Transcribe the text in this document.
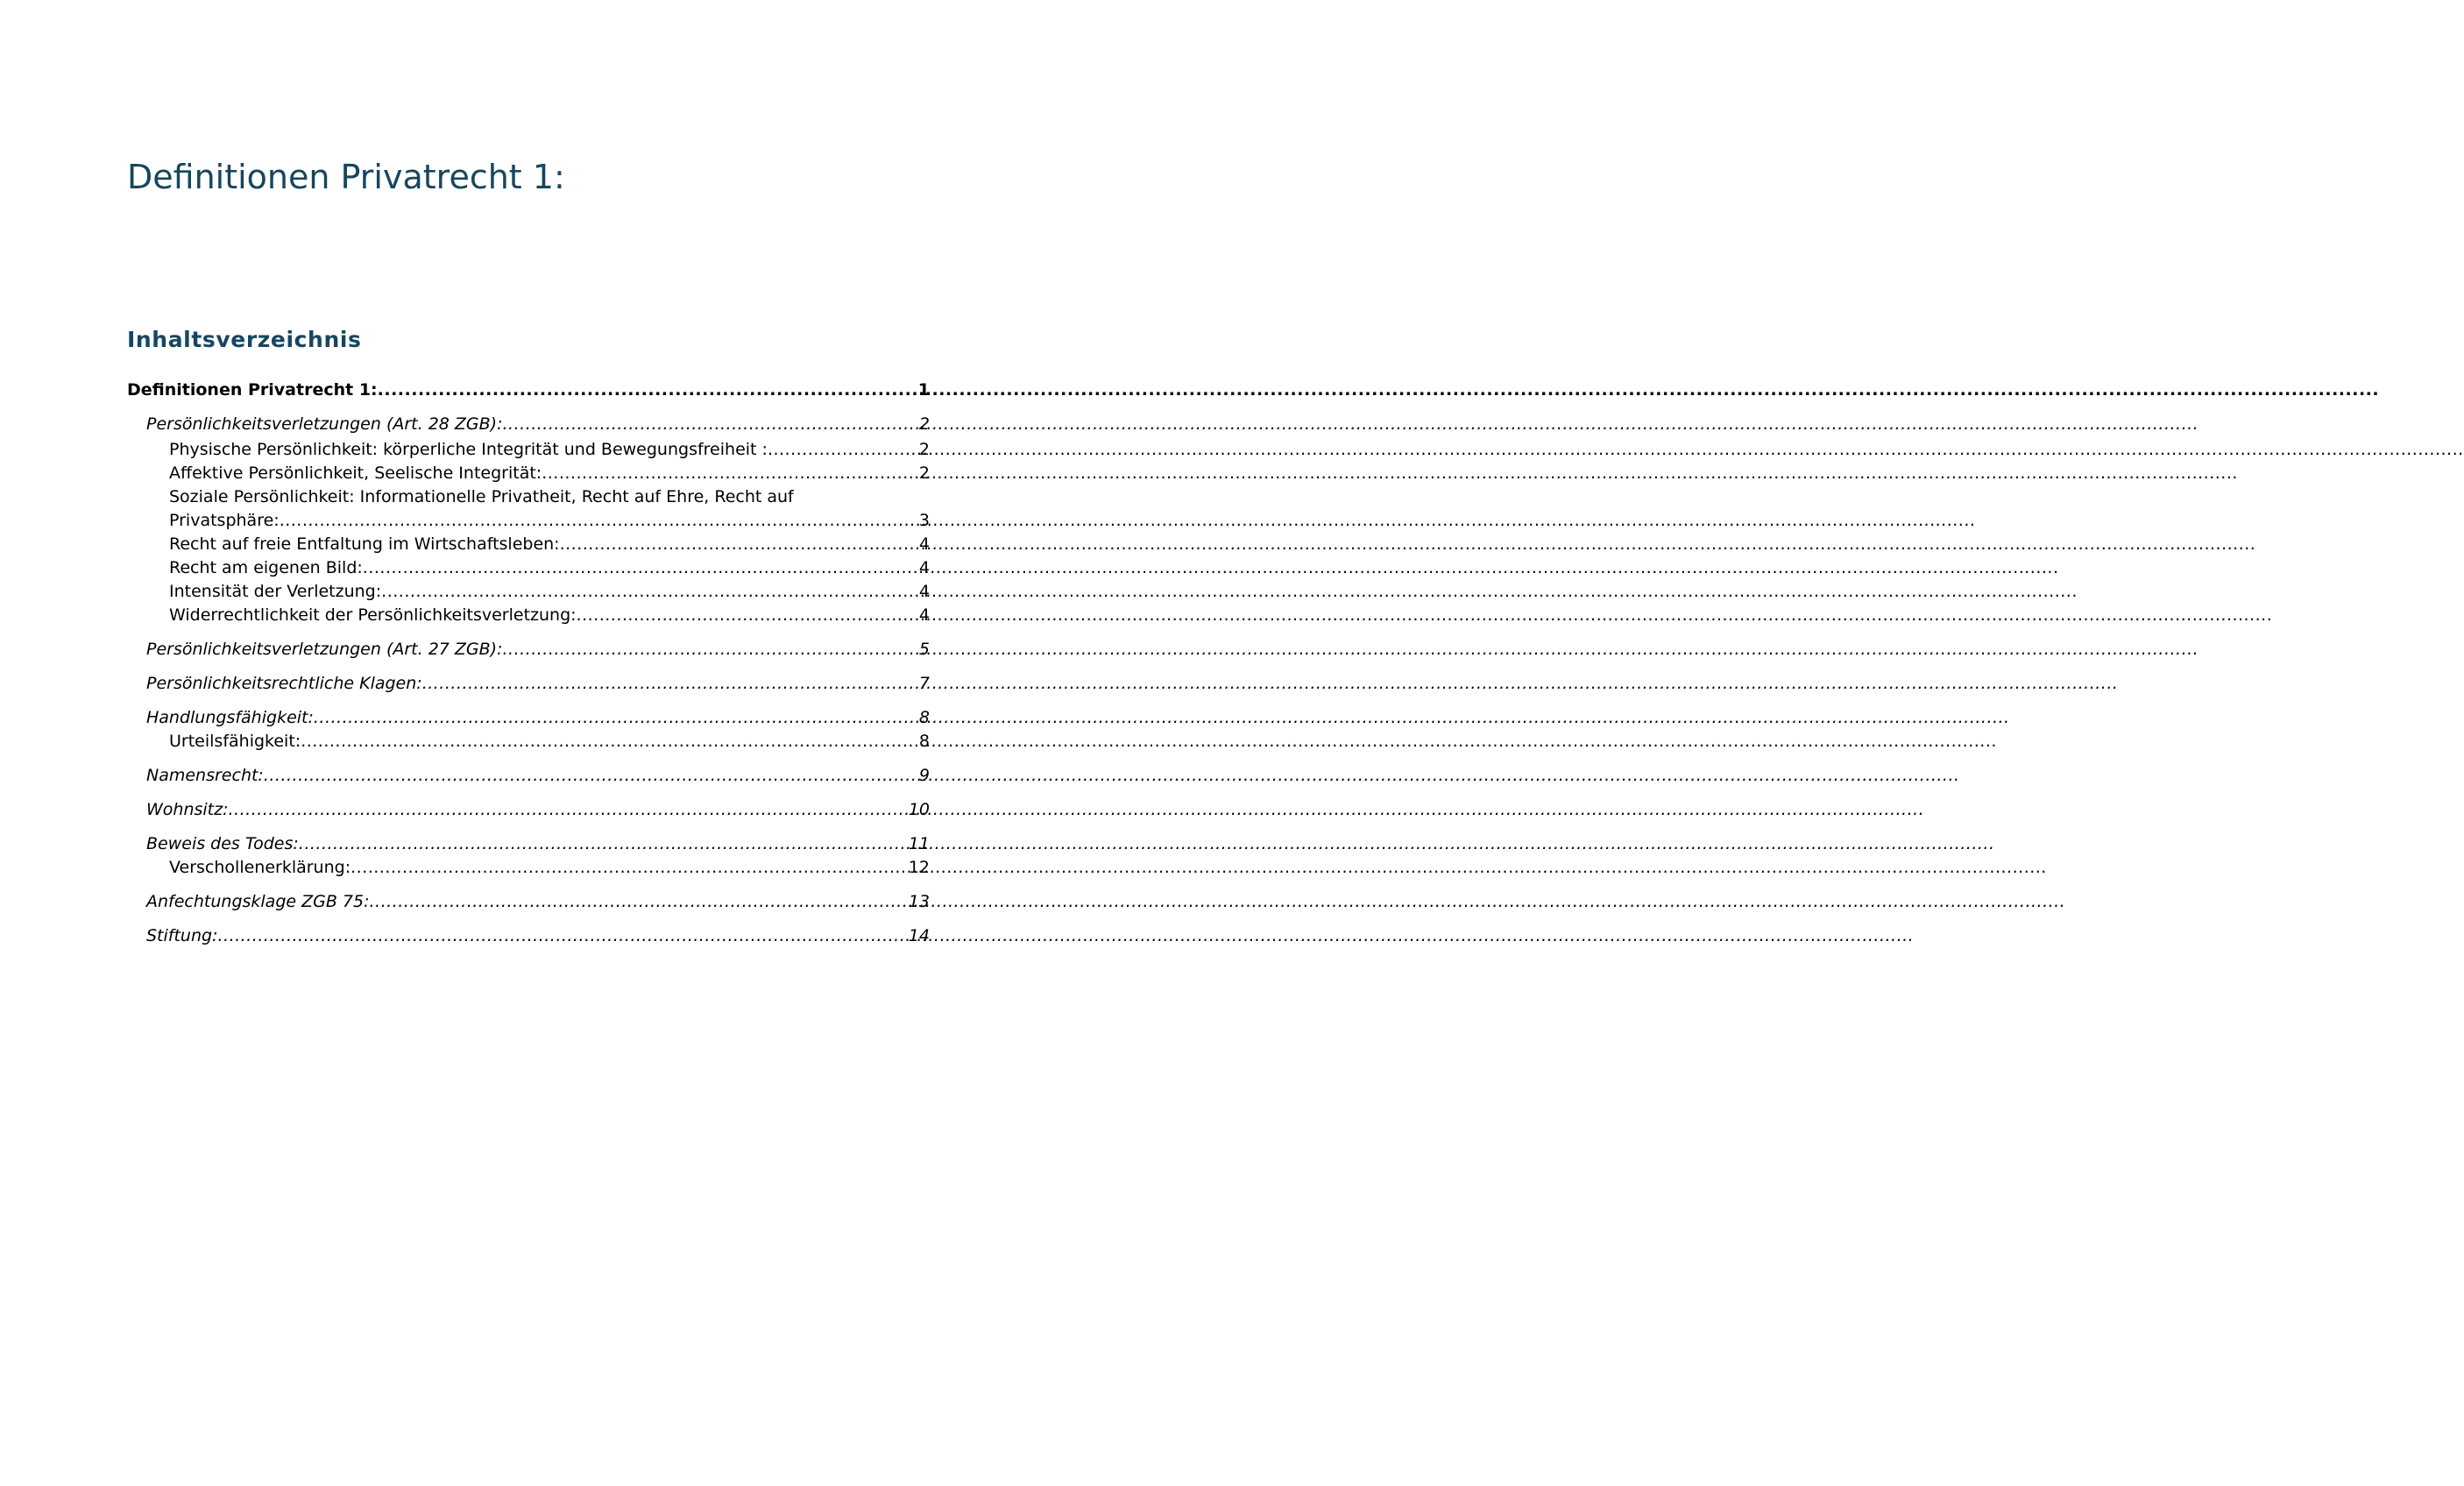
Definitionen Privatrecht 1:
Inhaltsverzeichnis
Definitionen Privatrecht 1: .....	1
Persönlichkeitsverletzungen (Art. 28 ZGB): .....	2
Physische Persönlichkeit: körperliche Integrität und Bewegungsfreiheit : .....	2
Affektive Persönlichkeit, Seelische Integrität: .....	2
Soziale Persönlichkeit: Informationelle Privatheit, Recht auf Ehre, Recht auf
Privatsphäre: .....	3
Recht auf freie Entfaltung im Wirtschaftsleben: .....	4
Recht am eigenen Bild: .....	4
Intensität der Verletzung: .....	4
Widerrechtlichkeit der Persönlichkeitsverletzung: .....	4
Persönlichkeitsverletzungen (Art. 27 ZGB): .....	5
Persönlichkeitsrechtliche Klagen: .....	7
Handlungsfähigkeit: .....	8
Urteilsfähigkeit: .....	8
Namensrecht: .....	9
Wohnsitz: .....	10
Beweis des Todes: .....	11
Verschollenerklärung: .....	12
Anfechtungsklage ZGB 75: .....	13
Stiftung: .....	14
